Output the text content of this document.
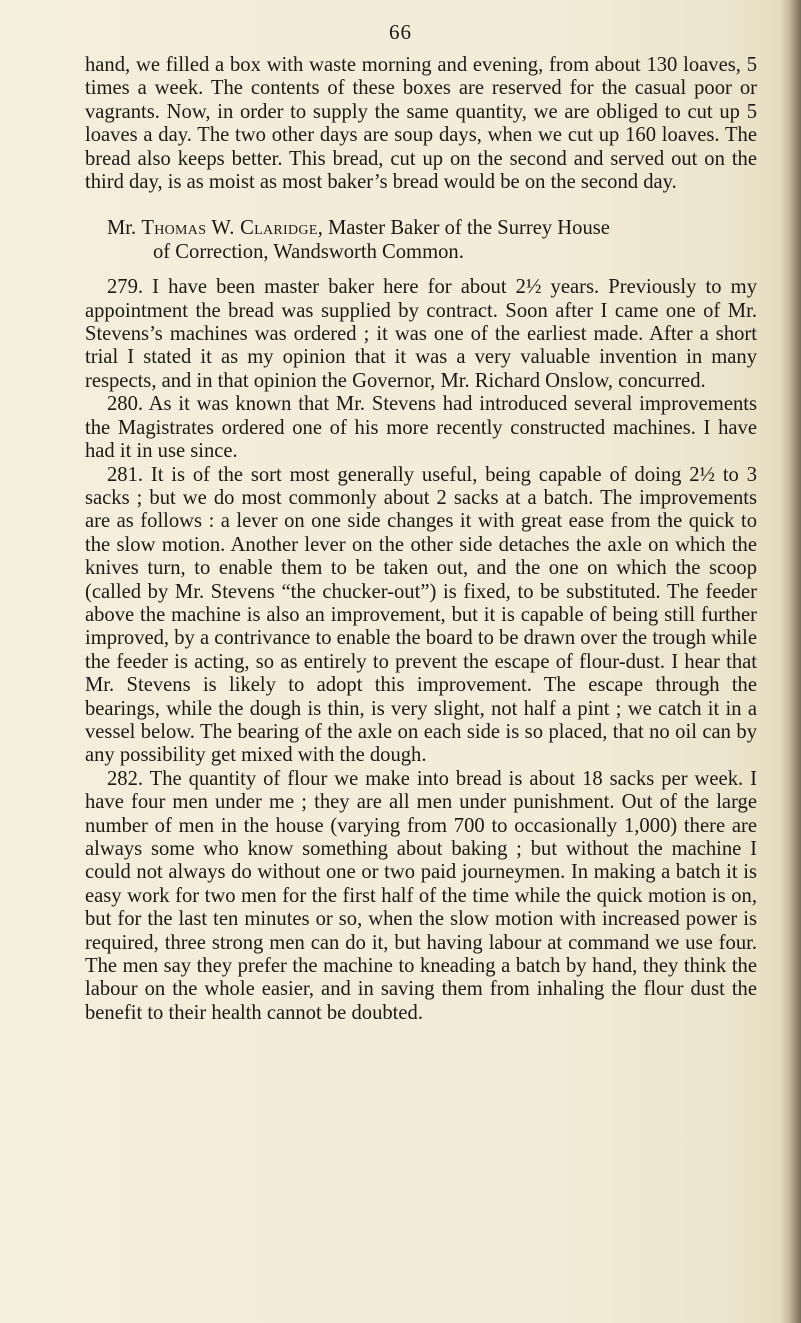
66

hand, we filled a box with waste morning and evening, from about 130 loaves, 5 times a week. The contents of these boxes are reserved for the casual poor or vagrants. Now, in order to supply the same quantity, we are obliged to cut up 5 loaves a day. The two other days are soup days, when we cut up 160 loaves. The bread also keeps better. This bread, cut up on the second and served out on the third day, is as moist as most baker’s bread would be on the second day.

Mr. Thomas W. Claridge, Master Baker of the Surrey House
of Correction, Wandsworth Common.

279. I have been master baker here for about 2½ years. Previously to my appointment the bread was supplied by contract. Soon after I came one of Mr. Stevens’s machines was ordered ; it was one of the earliest made. After a short trial I stated it as my opinion that it was a very valuable invention in many respects, and in that opinion the Governor, Mr. Richard Onslow, concurred.

280. As it was known that Mr. Stevens had introduced several improvements the Magistrates ordered one of his more recently constructed machines. I have had it in use since.

281. It is of the sort most generally useful, being capable of doing 2½ to 3 sacks ; but we do most commonly about 2 sacks at a batch. The improvements are as follows : a lever on one side changes it with great ease from the quick to the slow motion. Another lever on the other side detaches the axle on which the knives turn, to enable them to be taken out, and the one on which the scoop (called by Mr. Stevens “the chucker-out”) is fixed, to be substituted. The feeder above the machine is also an improvement, but it is capable of being still further improved, by a contrivance to enable the board to be drawn over the trough while the feeder is acting, so as entirely to prevent the escape of flour-dust. I hear that Mr. Stevens is likely to adopt this improvement. The escape through the bearings, while the dough is thin, is very slight, not half a pint ; we catch it in a vessel below. The bearing of the axle on each side is so placed, that no oil can by any possibility get mixed with the dough.

282. The quantity of flour we make into bread is about 18 sacks per week. I have four men under me ; they are all men under punishment. Out of the large number of men in the house (varying from 700 to occasionally 1,000) there are always some who know something about baking ; but without the machine I could not always do without one or two paid journeymen. In making a batch it is easy work for two men for the first half of the time while the quick motion is on, but for the last ten minutes or so, when the slow motion with increased power is required, three strong men can do it, but having labour at command we use four. The men say they prefer the machine to kneading a batch by hand, they think the labour on the whole easier, and in saving them from inhaling the flour dust the benefit to their health cannot be doubted.
